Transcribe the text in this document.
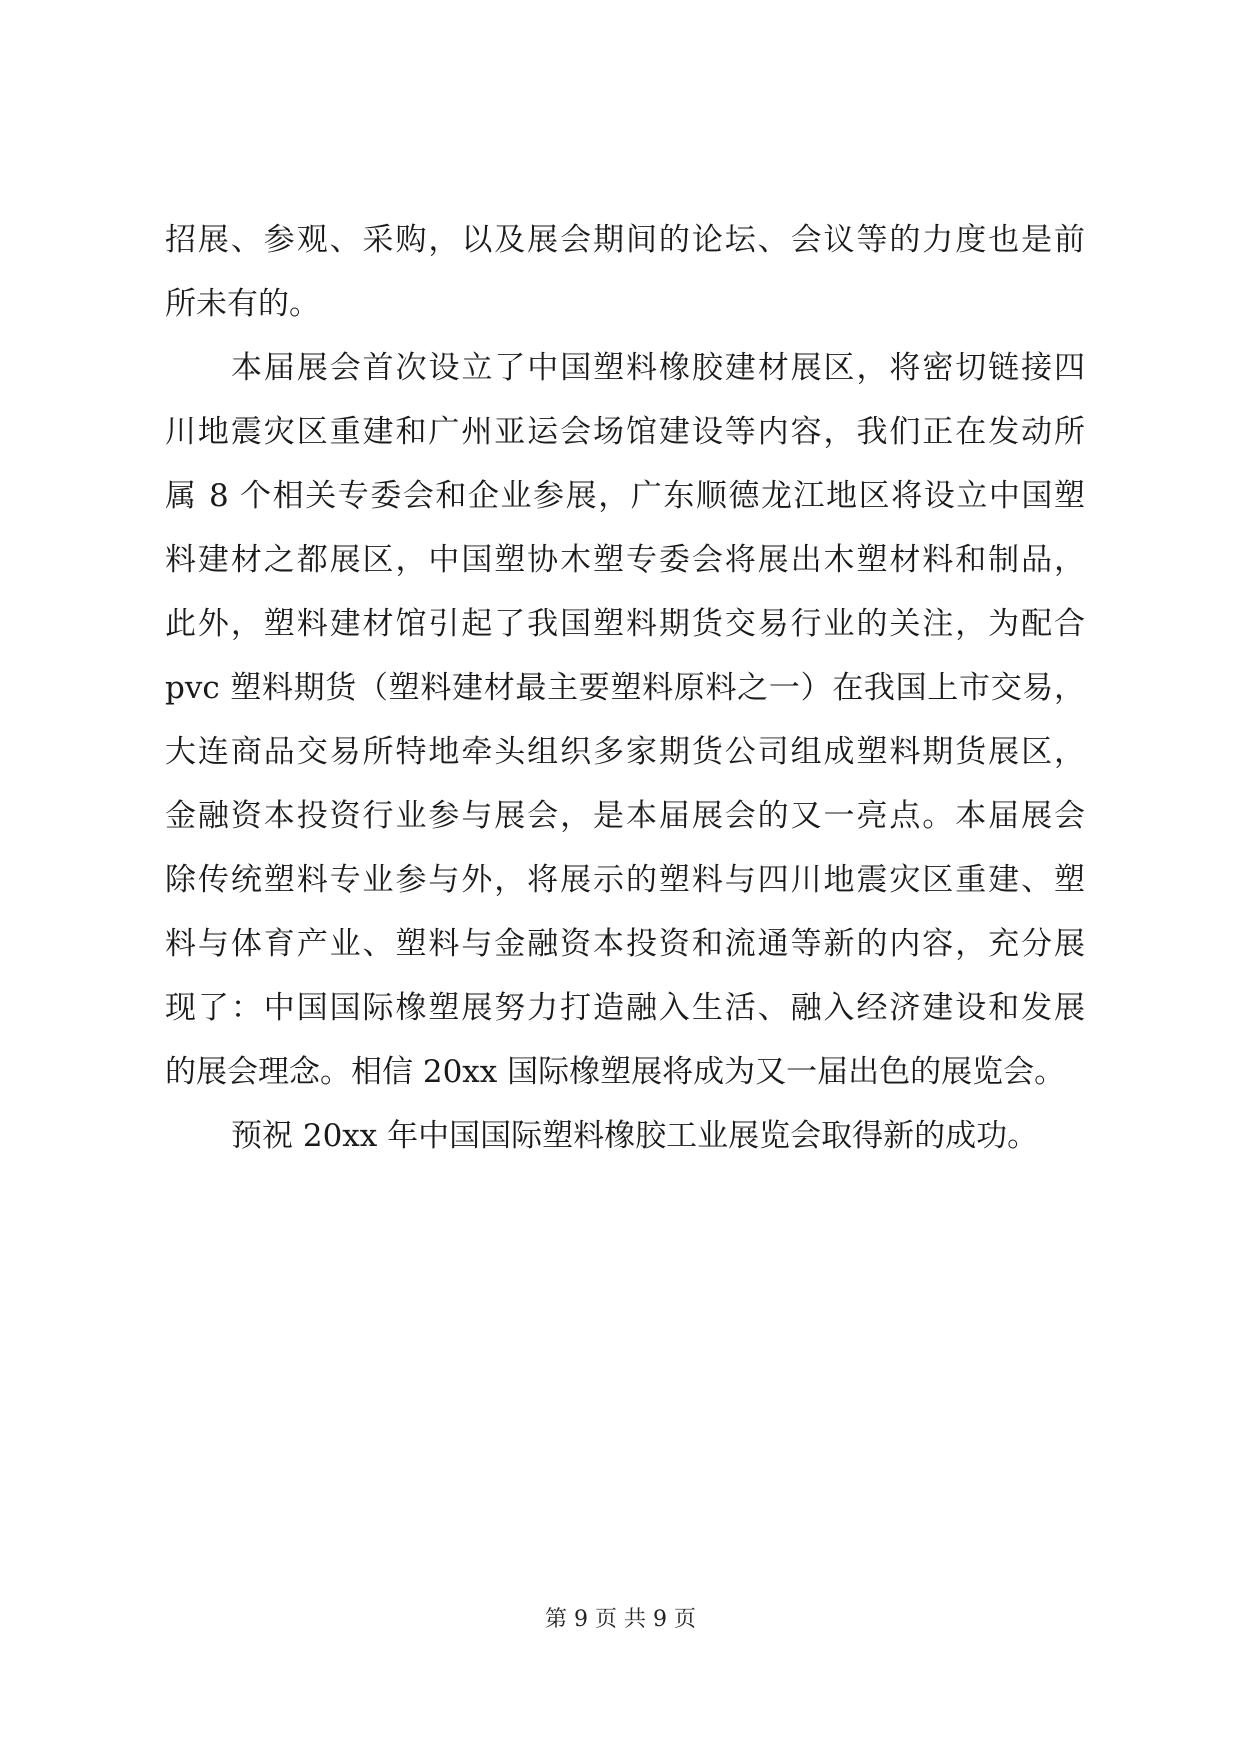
招展、参观、采购，以及展会期间的论坛、会议等的力度也是前
所未有的。
本届展会首次设立了中国塑料橡胶建材展区，将密切链接四
川地震灾区重建和广州亚运会场馆建设等内容，我们正在发动所
属 8 个相关专委会和企业参展，广东顺德龙江地区将设立中国塑
料建材之都展区，中国塑协木塑专委会将展出木塑材料和制品，
此外，塑料建材馆引起了我国塑料期货交易行业的关注，为配合
pvc 塑料期货（塑料建材最主要塑料原料之一）在我国上市交易，
大连商品交易所特地牵头组织多家期货公司组成塑料期货展区，
金融资本投资行业参与展会，是本届展会的又一亮点。本届展会
除传统塑料专业参与外，将展示的塑料与四川地震灾区重建、塑
料与体育产业、塑料与金融资本投资和流通等新的内容，充分展
现了：中国国际橡塑展努力打造融入生活、融入经济建设和发展
的展会理念。相信 20xx 国际橡塑展将成为又一届出色的展览会。
预祝 20xx 年中国国际塑料橡胶工业展览会取得新的成功。
第 9 页 共 9 页
